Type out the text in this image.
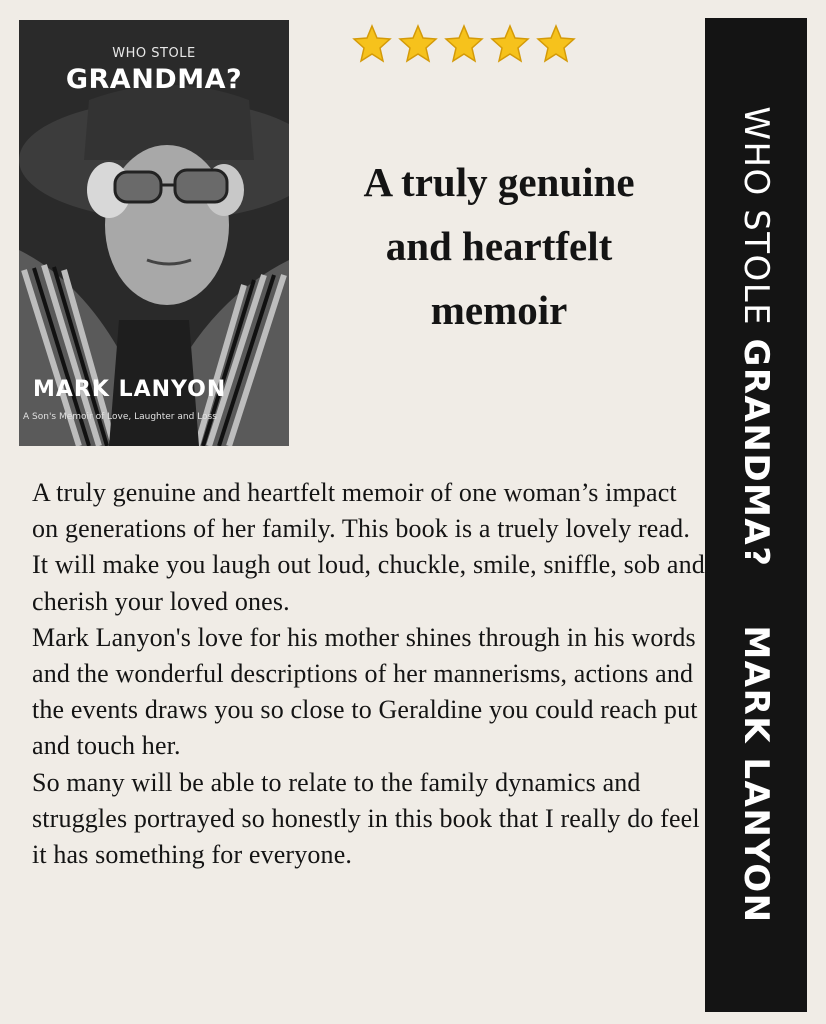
WHO STOLE
GRANDMA?
MARK LANYON
A Son's Memoir of Love, Laughter and Loss
A truly genuine
and heartfelt
memoir

A truly genuine and heartfelt memoir of one woman’s impact on generations of her family. This book is a truely lovely read. It will make you laugh out loud, chuckle, smile, sniffle, sob and cherish your loved ones.

Mark Lanyon's love for his mother shines through in his words and the wonderful descriptions of her mannerisms, actions and the events draws you so close to Geraldine you could reach put and touch her.

So many will be able to relate to the family dynamics and struggles portrayed so honestly in this book that I really do feel it has something for everyone.

WHO STOLE GRANDMA?MARK LANYON
